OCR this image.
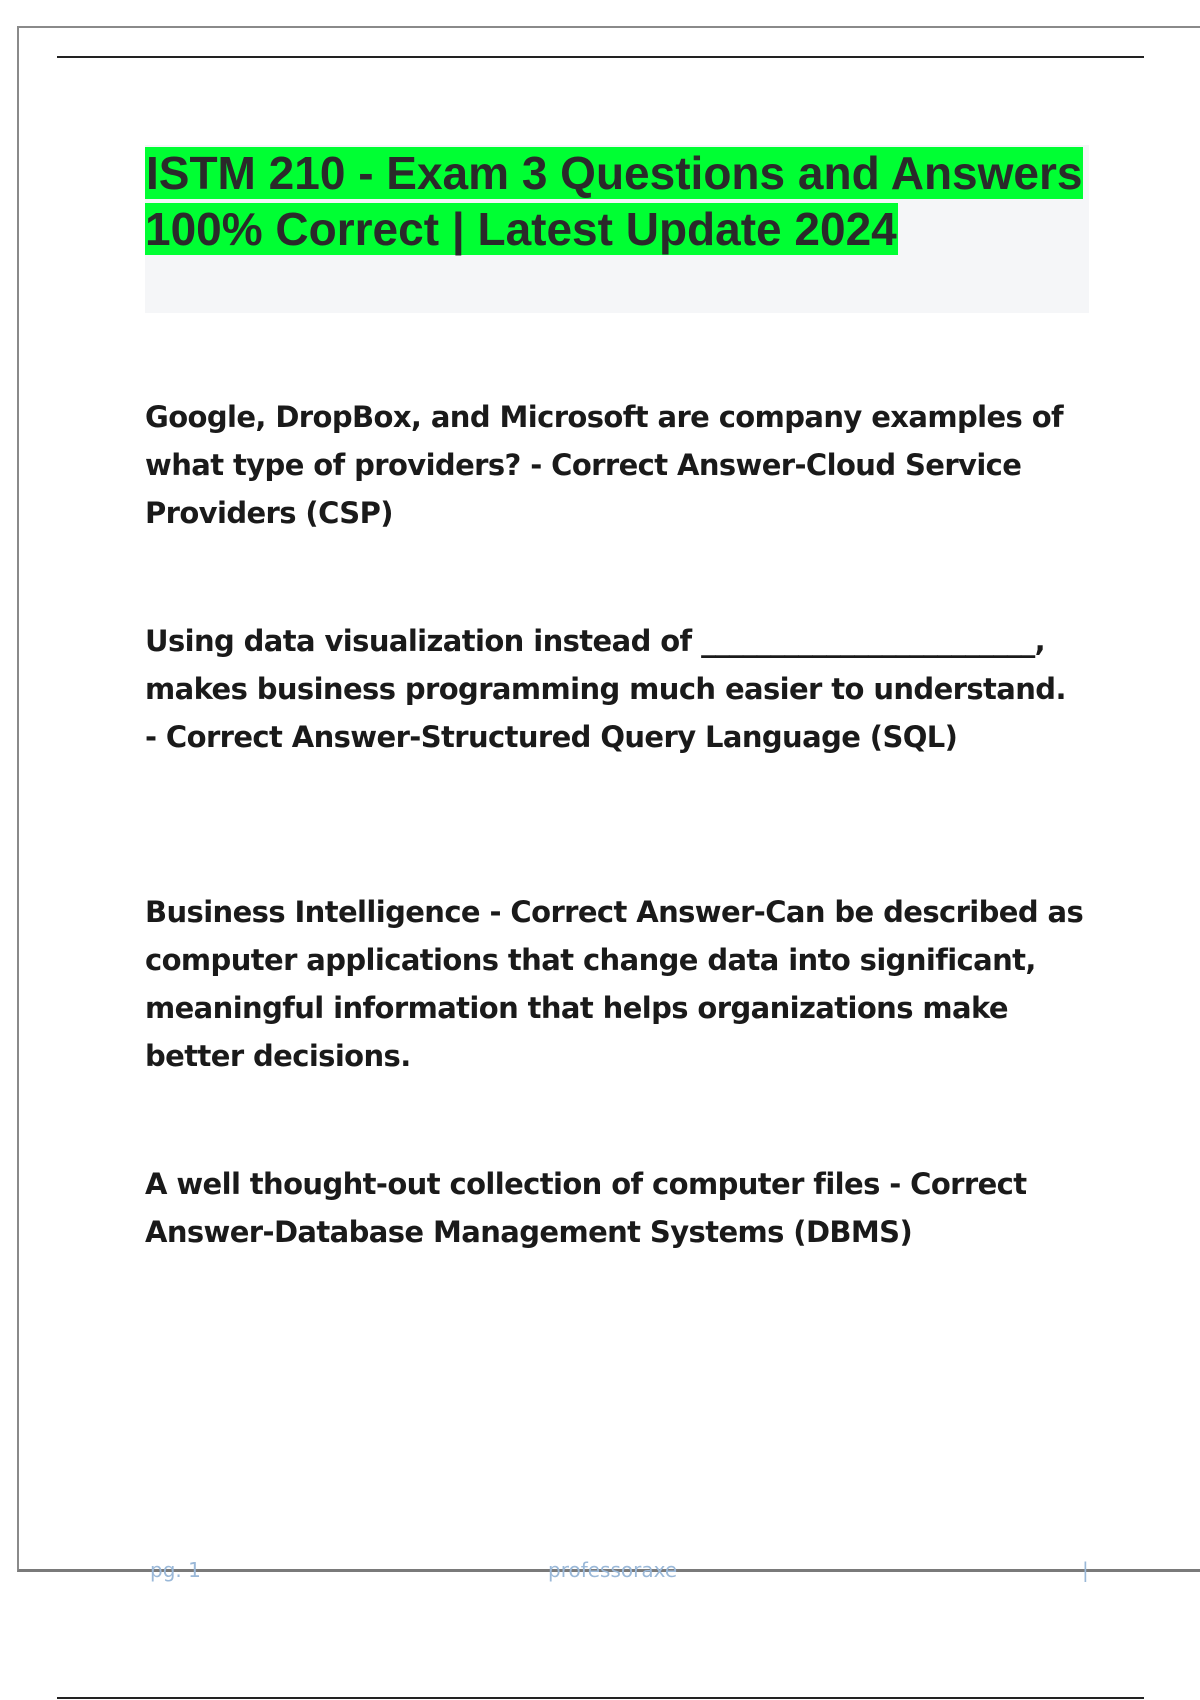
ISTM 210 - Exam 3 Questions and Answers 100% Correct | Latest Update 2024

Google, DropBox, and Microsoft are company examples of what type of providers? - Correct Answer-Cloud Service Providers (CSP)

Using data visualization instead of ________________________, makes business programming much easier to understand. - Correct Answer-Structured Query Language (SQL)

Business Intelligence - Correct Answer-Can be described as computer applications that change data into significant, meaningful information that helps organizations make better decisions.

A well thought-out collection of computer files - Correct Answer-Database Management Systems (DBMS)

pg. 1	professoraxe	|
